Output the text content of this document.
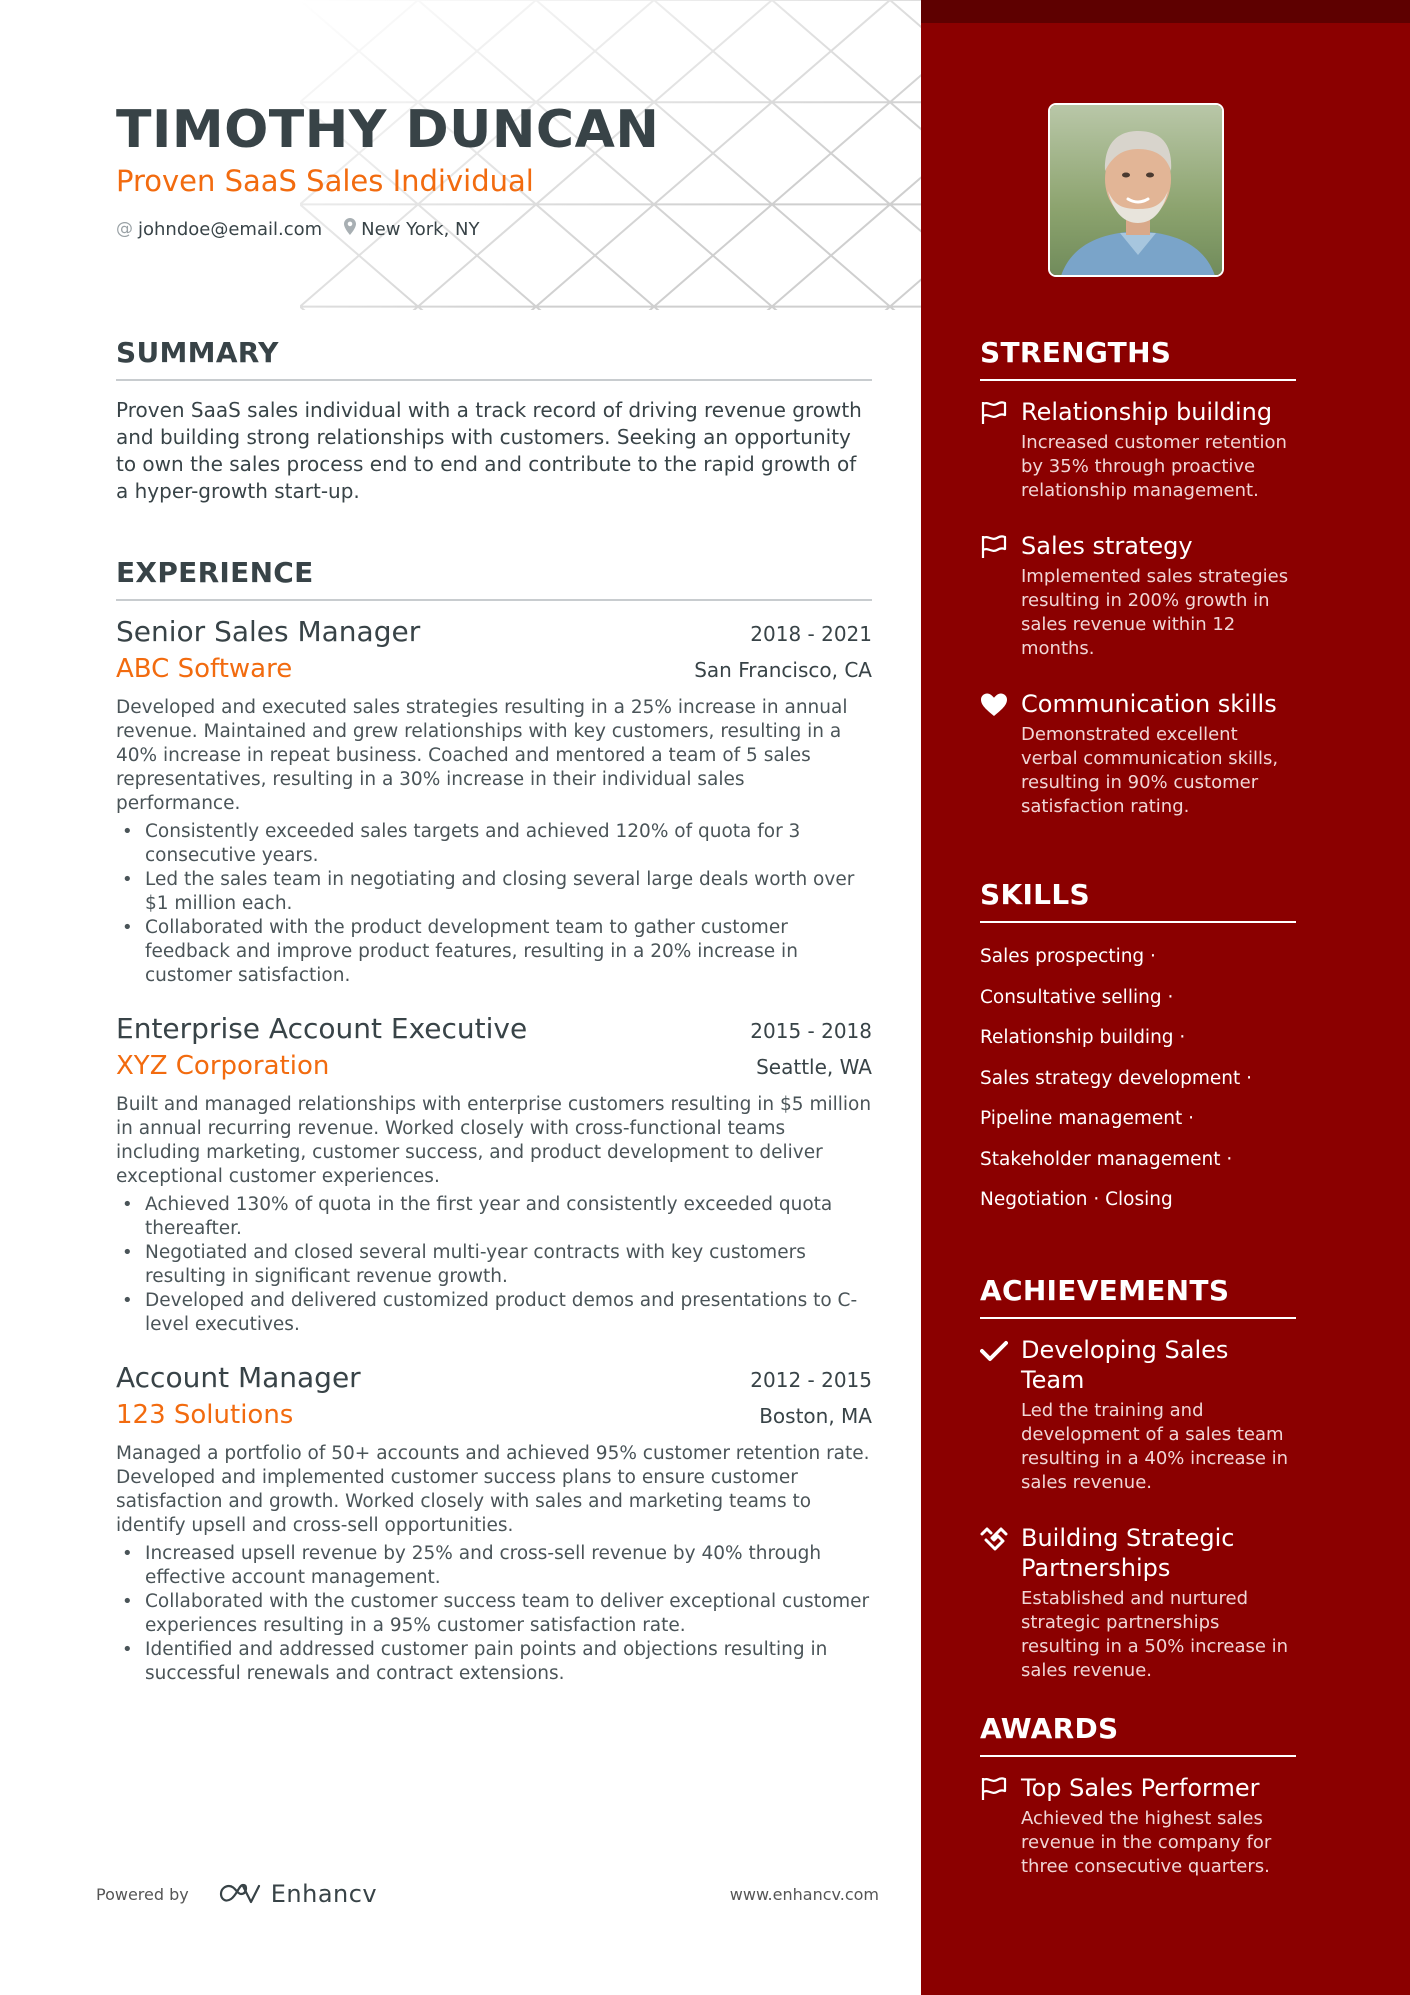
TIMOTHY DUNCAN
Proven SaaS Sales Individual
@ johndoe@email.com New York, NY
SUMMARY

Proven SaaS sales individual with a track record of driving revenue growth and building strong relationships with customers. Seeking an opportunity to own the sales process end to end and contribute to the rapid growth of a hyper-growth start-up.

EXPERIENCE
Senior Sales Manager	2018 - 2021
ABC Software	San Francisco, CA

Developed and executed sales strategies resulting in a 25% increase in annual revenue. Maintained and grew relationships with key customers, resulting in a 40% increase in repeat business. Coached and mentored a team of 5 sales representatives, resulting in a 30% increase in their individual sales performance.

• Consistently exceeded sales targets and achieved 120% of quota for 3 consecutive years.
• Led the sales team in negotiating and closing several large deals worth over $1 million each.
• Collaborated with the product development team to gather customer feedback and improve product features, resulting in a 20% increase in customer satisfaction.
Enterprise Account Executive	2015 - 2018
XYZ Corporation	Seattle, WA

Built and managed relationships with enterprise customers resulting in $5 million in annual recurring revenue. Worked closely with cross-functional teams including marketing, customer success, and product development to deliver exceptional customer experiences.

• Achieved 130% of quota in the first year and consistently exceeded quota thereafter.
• Negotiated and closed several multi-year contracts with key customers resulting in significant revenue growth.
• Developed and delivered customized product demos and presentations to C-level executives.
Account Manager	2012 - 2015
123 Solutions	Boston, MA

Managed a portfolio of 50+ accounts and achieved 95% customer retention rate. Developed and implemented customer success plans to ensure customer satisfaction and growth. Worked closely with sales and marketing teams to identify upsell and cross-sell opportunities.

• Increased upsell revenue by 25% and cross-sell revenue by 40% through effective account management.
• Collaborated with the customer success team to deliver exceptional customer experiences resulting in a 95% customer satisfaction rate.
• Identified and addressed customer pain points and objections resulting in successful renewals and contract extensions.
Powered by	Enhancv	www.enhancv.com
STRENGTHS
Relationship building

Increased customer retention by 35% through proactive relationship management.

Sales strategy

Implemented sales strategies resulting in 200% growth in sales revenue within 12 months.

Communication skills

Demonstrated excellent verbal communication skills, resulting in 90% customer satisfaction rating.

SKILLS
Sales prospecting ·
Consultative selling ·
Relationship building ·
Sales strategy development ·
Pipeline management ·
Stakeholder management ·
Negotiation · Closing
ACHIEVEMENTS
Developing Sales Team

Led the training and development of a sales team resulting in a 40% increase in sales revenue.

Building Strategic Partnerships

Established and nurtured strategic partnerships resulting in a 50% increase in sales revenue.

AWARDS
Top Sales Performer

Achieved the highest sales revenue in the company for three consecutive quarters.
